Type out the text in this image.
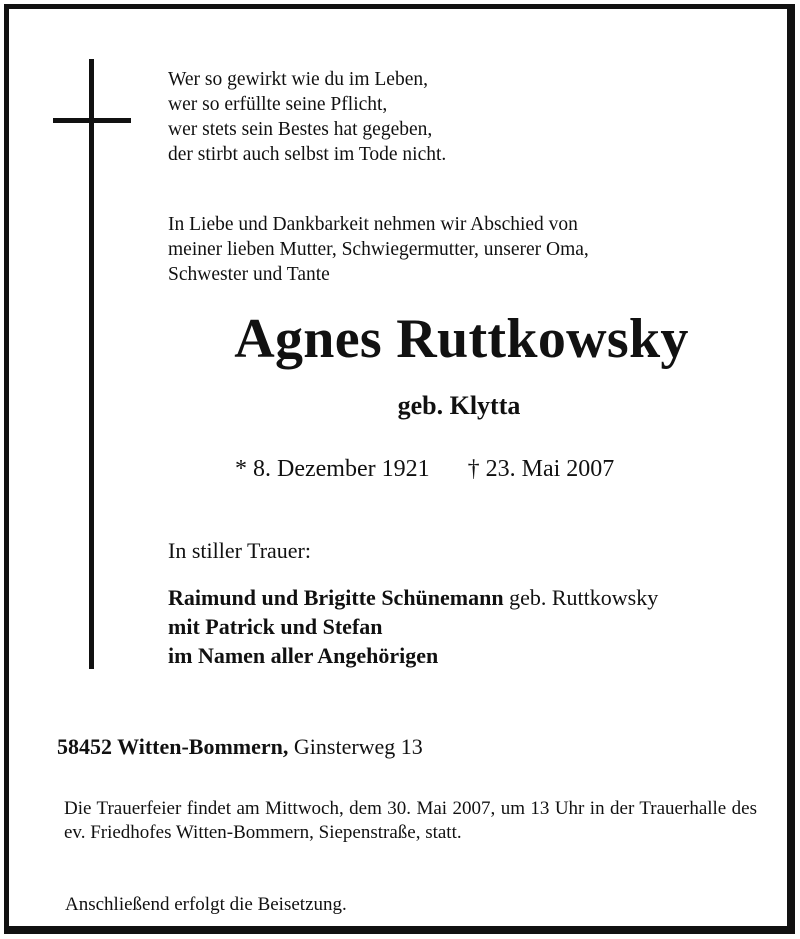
Wer so gewirkt wie du im Leben,
wer so erfüllte seine Pflicht,
wer stets sein Bestes hat gegeben,
der stirbt auch selbst im Tode nicht.
In Liebe und Dankbarkeit nehmen wir Abschied von
meiner lieben Mutter, Schwiegermutter, unserer Oma,
Schwester und Tante
Agnes Ruttkowsky
geb. Klytta
* 8. Dezember 1921 † 23. Mai 2007
In stiller Trauer:
Raimund und Brigitte Schünemann geb. Ruttkowsky
mit Patrick und Stefan
im Namen aller Angehörigen
58452 Witten-Bommern, Ginsterweg 13
Die Trauerfeier findet am Mittwoch, dem 30. Mai 2007, um 13 Uhr in der Trauerhalle des ev. Friedhofes Witten-Bommern, Siepenstraße, statt.
Anschließend erfolgt die Beisetzung.
